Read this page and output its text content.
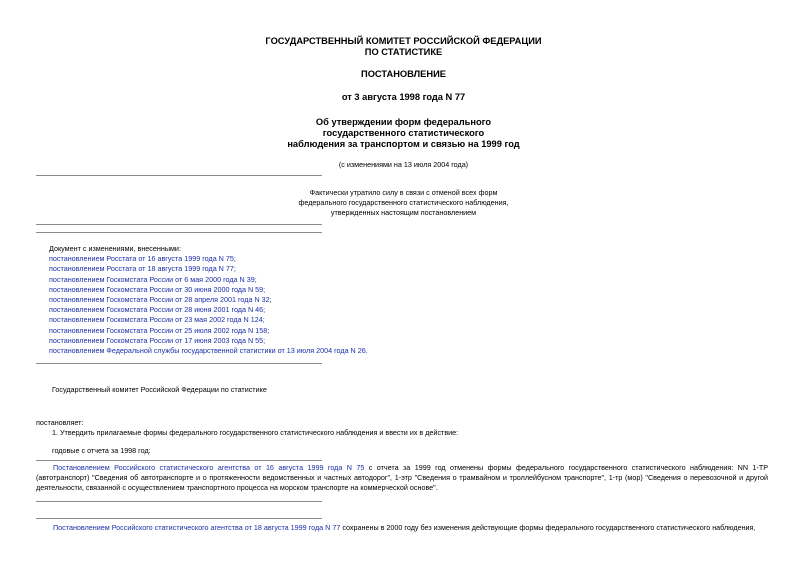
ГОСУДАРСТВЕННЫЙ КОМИТЕТ РОССИЙСКОЙ ФЕДЕРАЦИИ
ПО СТАТИСТИКЕ
ПОСТАНОВЛЕНИЕ
от 3 августа 1998 года N 77
Об утверждении форм федерального
государственного статистического
наблюдения за транспортом и связью на 1999 год
(с изменениями на 13 июля 2004 года)
Фактически утратило силу в связи с отменой всех форм
федерального государственного статистического наблюдения,
утвержденных настоящим постановлением
Документ с изменениями, внесенными:
постановлением Росстата от 16 августа 1999 года N 75;
постановлением Росстата от 18 августа 1999 года N 77;
постановлением Госкомстата России от 6 мая 2000 года N 39;
постановлением Госкомстата России от 30 июня 2000 года N 59;
постановлением Госкомстата России от 28 апреля 2001 года N 32;
постановлением Госкомстата России от 28 июня 2001 года N 46;
постановлением Госкомстата России от 23 мая 2002 года N 124;
постановлением Госкомстата России от 25 июля 2002 года N 158;
постановлением Госкомстата России от 17 июня 2003 года N 55;
постановлением Федеральной службы государственной статистики от 13 июля 2004 года N 26.
Государственный комитет Российской Федерации по статистике
постановляет:
1. Утвердить прилагаемые формы федерального государственного статистического наблюдения и ввести их в действие:
годовые с отчета за 1998 год:
Постановлением Российского статистического агентства от 16 августа 1999 года N 75 с отчета за 1999 год отменены формы федерального государственного статистического наблюдения: NN 1-ТР (автотранспорт) "Сведения об автотранспорте и о протяженности ведомственных и частных автодорог", 1-этр "Сведения о трамвайном и троллейбусном транспорте", 1-тр (мор) "Сведения о перевозочной и другой деятельности, связанной с осуществлением транспортного процесса на морском транспорте на коммерческой основе".
Постановлением Российского статистического агентства от 18 августа 1999 года N 77 сохранены в 2000 году без изменения действующие формы федерального государственного статистического наблюдения,
